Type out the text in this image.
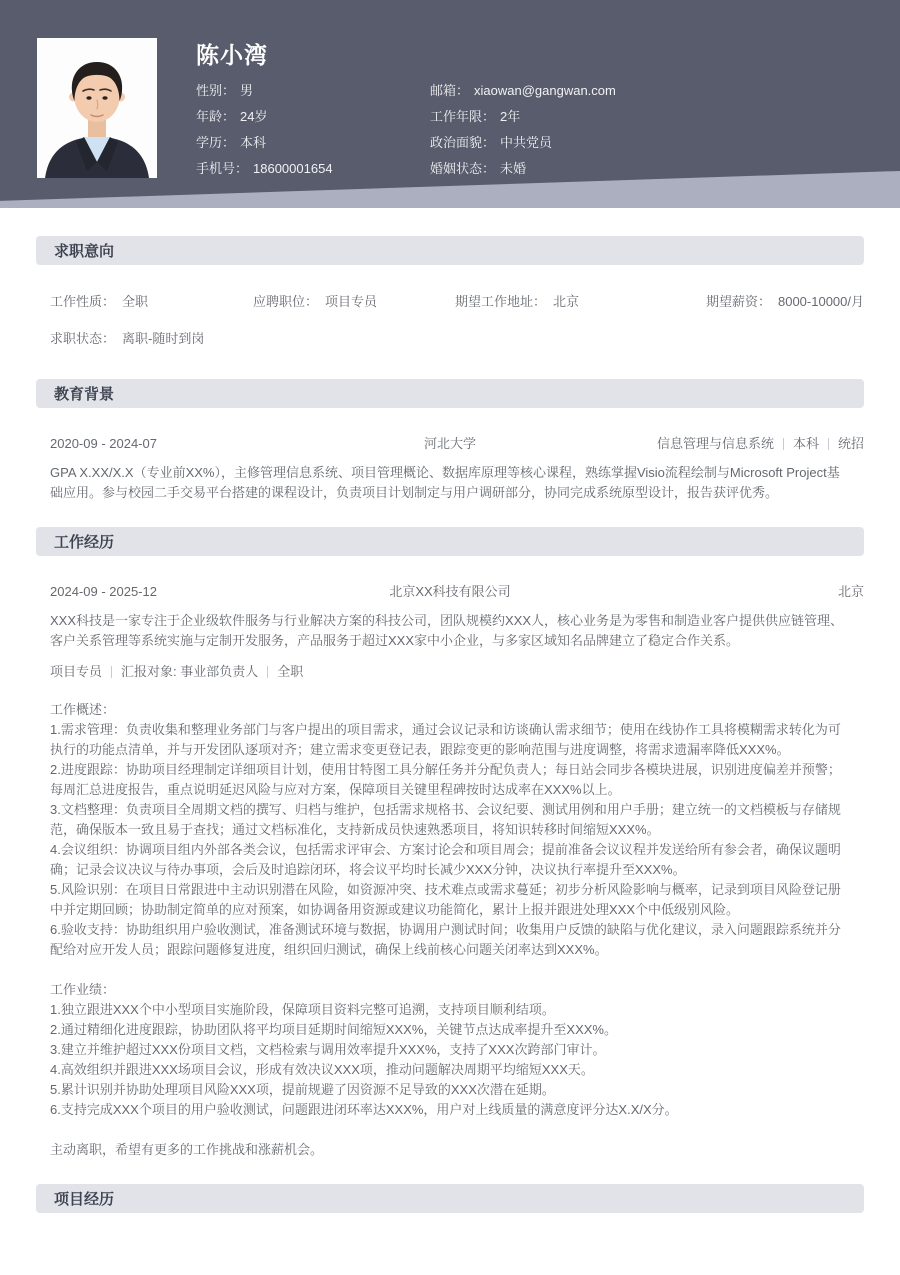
陈小湾
性别： 男
年龄： 24岁
学历： 本科
手机号： 18600001654
邮箱： xiaowan@gangwan.com
工作年限： 2年
政治面貌： 中共党员
婚姻状态： 未婚
求职意向
工作性质： 全职	应聘职位： 项目专员	期望工作地址： 北京	期望薪资： 8000-10000/月
求职状态： 离职-随时到岗
教育背景
2020-09 - 2024-07	河北大学	信息管理与信息系统 本科 统招

GPA X.XX/X.X（专业前XX%），主修管理信息系统、项目管理概论、数据库原理等核心课程，熟练掌握Visio流程绘制与Microsoft Project基础应用。参与校园二手交易平台搭建的课程设计，负责项目计划制定与用户调研部分，协同完成系统原型设计，报告获评优秀。

工作经历
2024-09 - 2025-12	北京XX科技有限公司	北京

XXX科技是一家专注于企业级软件服务与行业解决方案的科技公司，团队规模约XXX人，核心业务是为零售和制造业客户提供供应链管理、客户关系管理等系统实施与定制开发服务，产品服务于超过XXX家中小企业，与多家区域知名品牌建立了稳定合作关系。

项目专员 汇报对象: 事业部负责人 全职

工作概述：

1.需求管理：负责收集和整理业务部门与客户提出的项目需求，通过会议记录和访谈确认需求细节；使用在线协作工具将模糊需求转化为可执行的功能点清单，并与开发团队逐项对齐；建立需求变更登记表，跟踪变更的影响范围与进度调整，将需求遗漏率降低XXX%。

2.进度跟踪：协助项目经理制定详细项目计划，使用甘特图工具分解任务并分配负责人；每日站会同步各模块进展，识别进度偏差并预警；每周汇总进度报告，重点说明延迟风险与应对方案，保障项目关键里程碑按时达成率在XXX%以上。

3.文档整理：负责项目全周期文档的撰写、归档与维护，包括需求规格书、会议纪要、测试用例和用户手册；建立统一的文档模板与存储规范，确保版本一致且易于查找；通过文档标准化，支持新成员快速熟悉项目，将知识转移时间缩短XXX%。

4.会议组织：协调项目组内外部各类会议，包括需求评审会、方案讨论会和项目周会；提前准备会议议程并发送给所有参会者，确保议题明确；记录会议决议与待办事项，会后及时追踪闭环，将会议平均时长减少XXX分钟，决议执行率提升至XXX%。

5.风险识别：在项目日常跟进中主动识别潜在风险，如资源冲突、技术难点或需求蔓延；初步分析风险影响与概率，记录到项目风险登记册中并定期回顾；协助制定简单的应对预案，如协调备用资源或建议功能简化，累计上报并跟进处理XXX个中低级别风险。

6.验收支持：协助组织用户验收测试，准备测试环境与数据，协调用户测试时间；收集用户反馈的缺陷与优化建议，录入问题跟踪系统并分配给对应开发人员；跟踪问题修复进度，组织回归测试，确保上线前核心问题关闭率达到XXX%。

工作业绩：

1.独立跟进XXX个中小型项目实施阶段，保障项目资料完整可追溯，支持项目顺利结项。

2.通过精细化进度跟踪，协助团队将平均项目延期时间缩短XXX%，关键节点达成率提升至XXX%。

3.建立并维护超过XXX份项目文档，文档检索与调用效率提升XXX%，支持了XXX次跨部门审计。

4.高效组织并跟进XXX场项目会议，形成有效决议XXX项，推动问题解决周期平均缩短XXX天。

5.累计识别并协助处理项目风险XXX项，提前规避了因资源不足导致的XXX次潜在延期。

6.支持完成XXX个项目的用户验收测试，问题跟进闭环率达XXX%，用户对上线质量的满意度评分达X.X/X分。

主动离职，希望有更多的工作挑战和涨薪机会。

项目经历
